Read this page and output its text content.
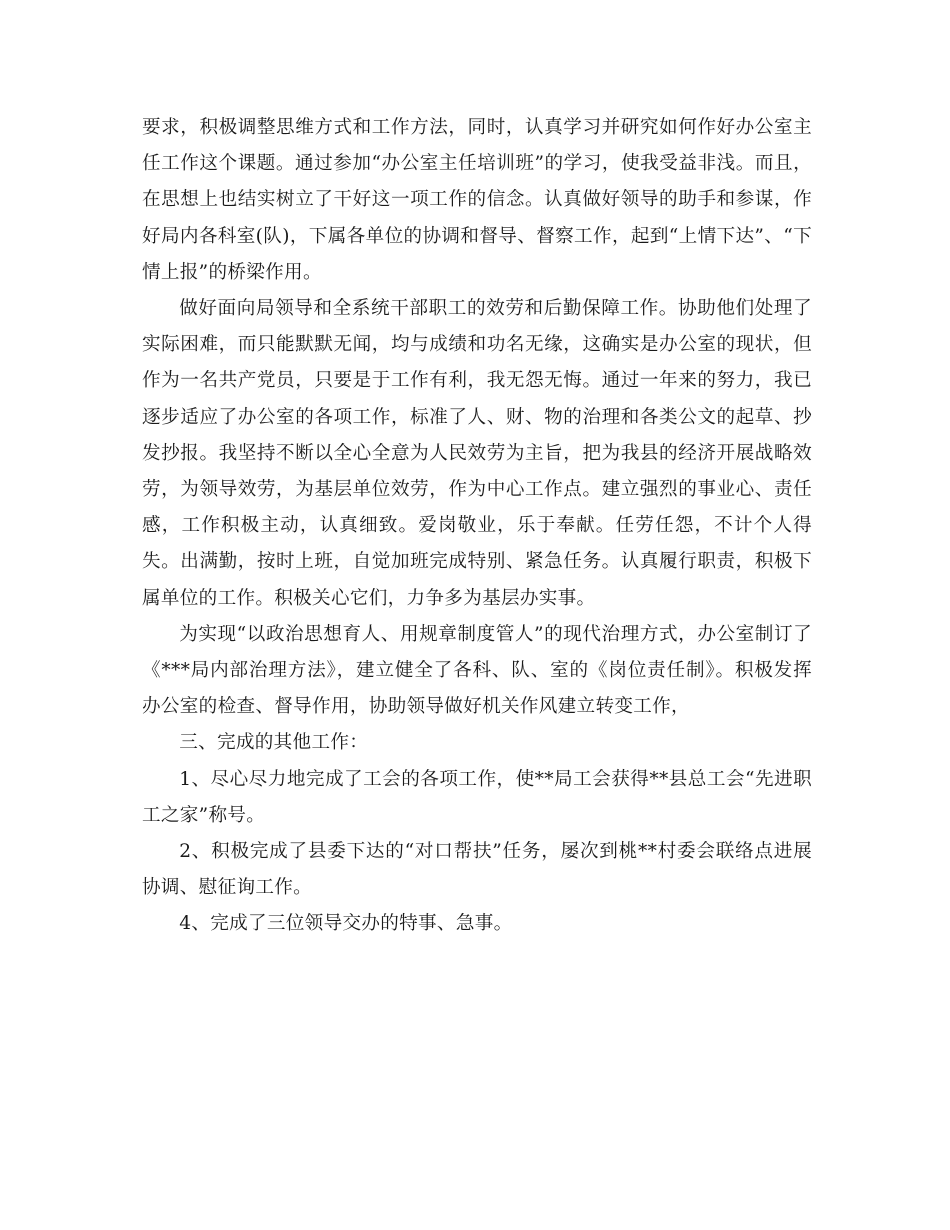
要求，积极调整思维方式和工作方法，同时，认真学习并研究如何作好办公室主任工作这个课题。通过参加“办公室主任培训班”的学习，使我受益非浅。而且，在思想上也结实树立了干好这一项工作的信念。认真做好领导的助手和参谋，作好局内各科室(队)，下属各单位的协调和督导、督察工作，起到“上情下达”、“下情上报”的桥梁作用。

做好面向局领导和全系统干部职工的效劳和后勤保障工作。协助他们处理了实际困难，而只能默默无闻，均与成绩和功名无缘，这确实是办公室的现状，但作为一名共产党员，只要是于工作有利，我无怨无悔。通过一年来的努力，我已逐步适应了办公室的各项工作，标准了人、财、物的治理和各类公文的起草、抄发抄报。我坚持不断以全心全意为人民效劳为主旨，把为我县的经济开展战略效劳，为领导效劳，为基层单位效劳，作为中心工作点。建立强烈的事业心、责任感，工作积极主动，认真细致。爱岗敬业，乐于奉献。任劳任怨，不计个人得失。出满勤，按时上班，自觉加班完成特别、紧急任务。认真履行职责，积极下属单位的工作。积极关心它们，力争多为基层办实事。

为实现“以政治思想育人、用规章制度管人”的现代治理方式，办公室制订了《***局内部治理方法》，建立健全了各科、队、室的《岗位责任制》。积极发挥办公室的检查、督导作用，协助领导做好机关作风建立转变工作，

三、完成的其他工作：

1、尽心尽力地完成了工会的各项工作，使**局工会获得**县总工会“先进职工之家”称号。

2、积极完成了县委下达的“对口帮扶”任务，屡次到桃**村委会联络点进展协调、慰征询工作。

4、完成了三位领导交办的特事、急事。
